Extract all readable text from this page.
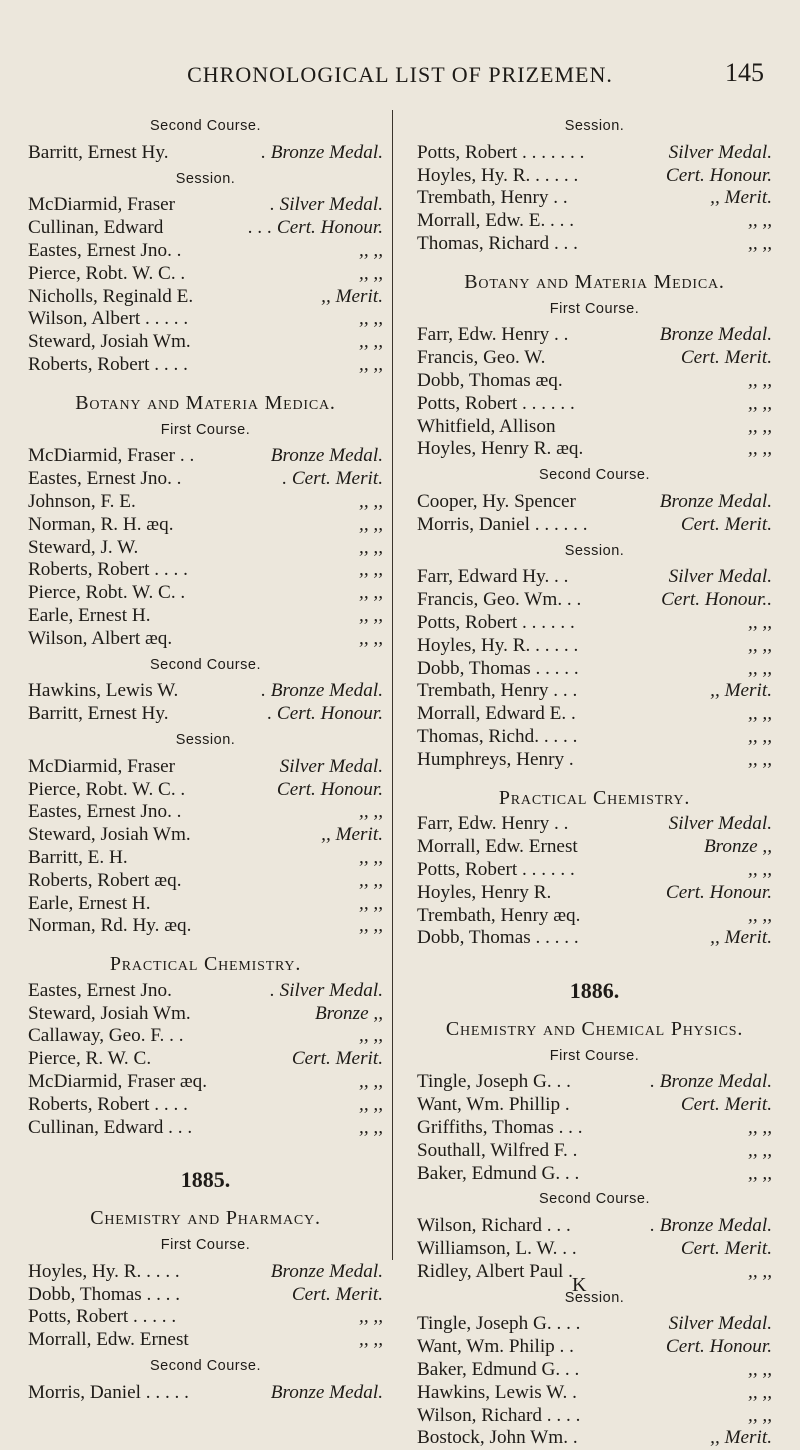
CHRONOLOGICAL LIST OF PRIZEMEN.	145
Second Course.
Barritt, Ernest Hy.	. Bronze Medal.
Session.
McDiarmid, Fraser	. Silver Medal.
Cullinan, Edward	. . . Cert. Honour.
Eastes, Ernest Jno. .	,, ,,
Pierce, Robt. W. C. .	,, ,,
Nicholls, Reginald E.	,, Merit.
Wilson, Albert . . . . .	,, ,,
Steward, Josiah Wm.	,, ,,
Roberts, Robert . . . .	,, ,,
Botany and Materia Medica.
First Course.
McDiarmid, Fraser . .	Bronze Medal.
Eastes, Ernest Jno. .	. Cert. Merit.
Johnson, F. E.	,, ,,
Norman, R. H. æq.	,, ,,
Steward, J. W.	,, ,,
Roberts, Robert . . . .	,, ,,
Pierce, Robt. W. C. .	,, ,,
Earle, Ernest H.	,, ,,
Wilson, Albert æq.	,, ,,
Second Course.
Hawkins, Lewis W.	. Bronze Medal.
Barritt, Ernest Hy.	. Cert. Honour.
Session.
McDiarmid, Fraser	Silver Medal.
Pierce, Robt. W. C. .	Cert. Honour.
Eastes, Ernest Jno. .	,, ,,
Steward, Josiah Wm.	,, Merit.
Barritt, E. H.	,, ,,
Roberts, Robert æq.	,, ,,
Earle, Ernest H.	,, ,,
Norman, Rd. Hy. æq.	,, ,,
Practical Chemistry.
Eastes, Ernest Jno.	. Silver Medal.
Steward, Josiah Wm.	Bronze ,,
Callaway, Geo. F. . .	,, ,,
Pierce, R. W. C.	Cert. Merit.
McDiarmid, Fraser æq.	,, ,,
Roberts, Robert . . . .	,, ,,
Cullinan, Edward . . .	,, ,,
1885.
Chemistry and Pharmacy.
First Course.
Hoyles, Hy. R. . . . .	Bronze Medal.
Dobb, Thomas . . . .	Cert. Merit.
Potts, Robert . . . . .	,, ,,
Morrall, Edw. Ernest	,, ,,
Second Course.
Morris, Daniel . . . . .	Bronze Medal.
Session.
Potts, Robert . . . . . . .	Silver Medal.
Hoyles, Hy. R. . . . . .	Cert. Honour.
Trembath, Henry . .	,, Merit.
Morrall, Edw. E. . . .	,, ,,
Thomas, Richard . . .	,, ,,
Botany and Materia Medica.
First Course.
Farr, Edw. Henry . .	Bronze Medal.
Francis, Geo. W.	Cert. Merit.
Dobb, Thomas æq.	,, ,,
Potts, Robert . . . . . .	,, ,,
Whitfield, Allison	,, ,,
Hoyles, Henry R. æq.	,, ,,
Second Course.
Cooper, Hy. Spencer	Bronze Medal.
Morris, Daniel . . . . . .	Cert. Merit.
Session.
Farr, Edward Hy. . .	Silver Medal.
Francis, Geo. Wm. . .	Cert. Honour..
Potts, Robert . . . . . .	,, ,,
Hoyles, Hy. R. . . . . .	,, ,,
Dobb, Thomas . . . . .	,, ,,
Trembath, Henry . . .	,, Merit.
Morrall, Edward E. .	,, ,,
Thomas, Richd. . . . .	,, ,,
Humphreys, Henry .	,, ,,
Practical Chemistry.
Farr, Edw. Henry . .	Silver Medal.
Morrall, Edw. Ernest	Bronze ,,
Potts, Robert . . . . . .	,, ,,
Hoyles, Henry R.	Cert. Honour.
Trembath, Henry æq.	,, ,,
Dobb, Thomas . . . . .	,, Merit.
1886.
Chemistry and Chemical Physics.
First Course.
Tingle, Joseph G. . .	. Bronze Medal.
Want, Wm. Phillip .	Cert. Merit.
Griffiths, Thomas . . .	,, ,,
Southall, Wilfred F. .	,, ,,
Baker, Edmund G. . .	,, ,,
Second Course.
Wilson, Richard . . .	. Bronze Medal.
Williamson, L. W. . .	Cert. Merit.
Ridley, Albert Paul .	,, ,,
Session.
Tingle, Joseph G. . . .	Silver Medal.
Want, Wm. Philip . .	Cert. Honour.
Baker, Edmund G. . .	,, ,,
Hawkins, Lewis W. .	,, ,,
Wilson, Richard . . . .	,, ,,
Bostock, John Wm. .	,, Merit.
K
